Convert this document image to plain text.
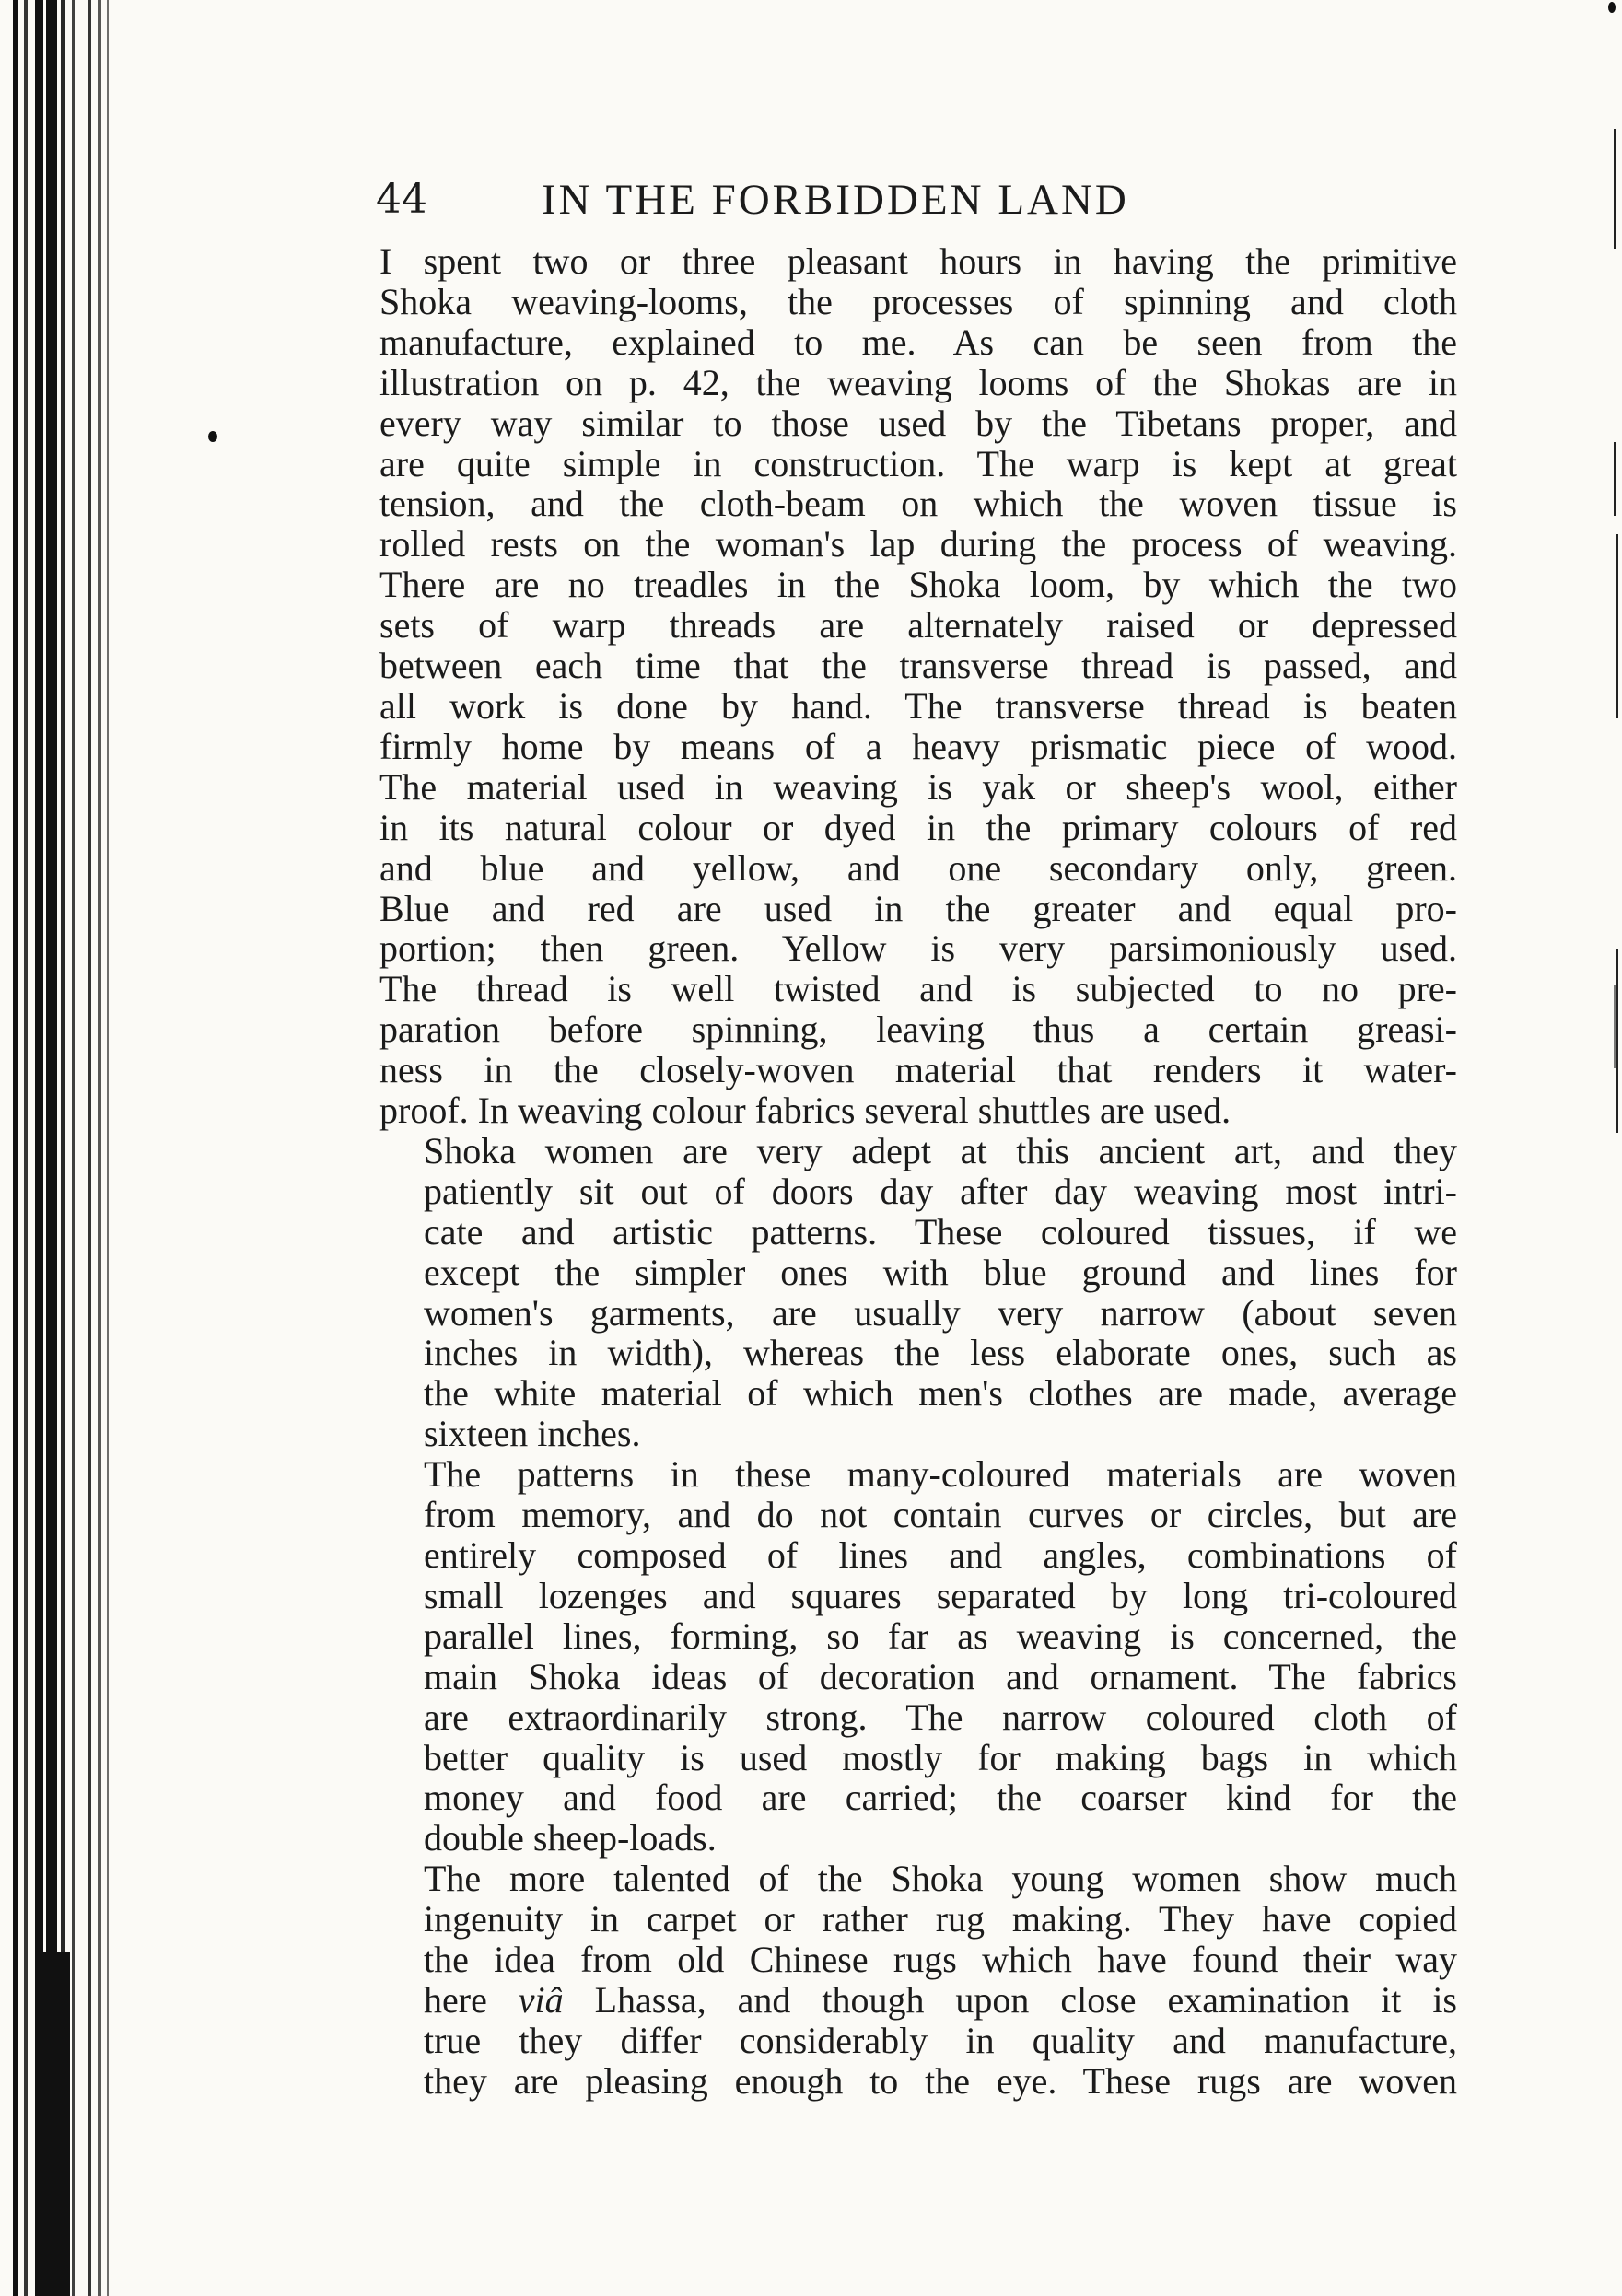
44	IN THE FORBIDDEN LAND

I spent two or three pleasant hours in having the primitive
Shoka weaving-looms, the processes of spinning and cloth
manufacture, explained to me. As can be seen from the
illustration on p. 42, the weaving looms of the Shokas are in
every way similar to those used by the Tibetans proper, and
are quite simple in construction. The warp is kept at great
tension, and the cloth-beam on which the woven tissue is
rolled rests on the woman's lap during the process of weaving.
There are no treadles in the Shoka loom, by which the two
sets of warp threads are alternately raised or depressed
between each time that the transverse thread is passed, and
all work is done by hand. The transverse thread is beaten
firmly home by means of a heavy prismatic piece of wood.
The material used in weaving is yak or sheep's wool, either
in its natural colour or dyed in the primary colours of red
and blue and yellow, and one secondary only, green.
Blue and red are used in the greater and equal pro-
portion; then green. Yellow is very parsimoniously used.
The thread is well twisted and is subjected to no pre-
paration before spinning, leaving thus a certain greasi-
ness in the closely-woven material that renders it water-
proof. In weaving colour fabrics several shuttles are used.

Shoka women are very adept at this ancient art, and they
patiently sit out of doors day after day weaving most intri-
cate and artistic patterns. These coloured tissues, if we
except the simpler ones with blue ground and lines for
women's garments, are usually very narrow (about seven
inches in width), whereas the less elaborate ones, such as
the white material of which men's clothes are made, average
sixteen inches.

The patterns in these many-coloured materials are woven
from memory, and do not contain curves or circles, but are
entirely composed of lines and angles, combinations of
small lozenges and squares separated by long tri-coloured
parallel lines, forming, so far as weaving is concerned, the
main Shoka ideas of decoration and ornament. The fabrics
are extraordinarily strong. The narrow coloured cloth of
better quality is used mostly for making bags in which
money and food are carried; the coarser kind for the
double sheep-loads.

The more talented of the Shoka young women show much
ingenuity in carpet or rather rug making. They have copied
the idea from old Chinese rugs which have found their way
here viâ Lhassa, and though upon close examination it is
true they differ considerably in quality and manufacture,
they are pleasing enough to the eye. These rugs are woven
